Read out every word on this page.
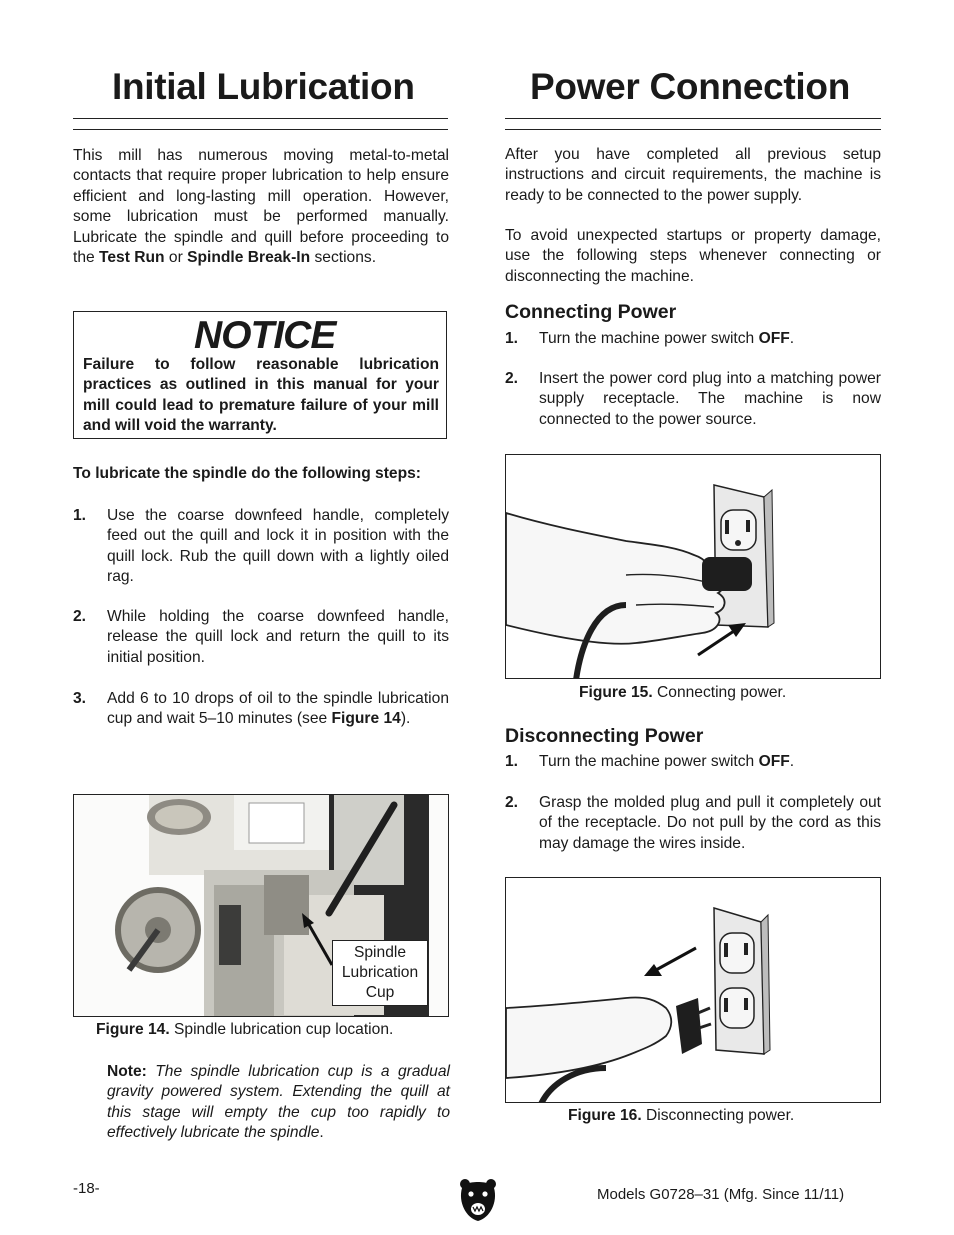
Initial Lubrication

This mill has numerous moving metal-to-metal contacts that require proper lubrication to help ensure efficient and long-lasting mill operation. However, some lubrication must be performed manually. Lubricate the spindle and quill before proceeding to the Test Run or Spindle Break-In sections.

NOTICE

Failure to follow reasonable lubrication practices as outlined in this manual for your mill could lead to premature failure of your mill and will void the warranty.

To lubricate the spindle do the following steps:
1. Use the coarse downfeed handle, completely feed out the quill and lock it in position with the quill lock. Rub the quill down with a lightly oiled rag.

2. While holding the coarse downfeed handle, release the quill lock and return the quill to its initial position.

3. Add 6 to 10 drops of oil to the spindle lubrication cup and wait 5–10 minutes (see Figure 14).

Spindle Lubrication Cup
Figure 14. Spindle lubrication cup location.

Note: The spindle lubrication cup is a gradual gravity powered system. Extending the quill at this stage will empty the cup too rapidly to effectively lubricate the spindle.

Power Connection

After you have completed all previous setup instructions and circuit requirements, the machine is ready to be connected to the power supply.

To avoid unexpected startups or property damage, use the following steps whenever connecting or disconnecting the machine.

Connecting Power
1. Turn the machine power switch OFF.

2. Insert the power cord plug into a matching power supply receptacle. The machine is now connected to the power source.

Figure 15. Connecting power.
Disconnecting Power
1. Turn the machine power switch OFF.

2. Grasp the molded plug and pull it completely out of the receptacle. Do not pull by the cord as this may damage the wires inside.

Figure 16. Disconnecting power.
-18-	Models G0728–31 (Mfg. Since 11/11)
